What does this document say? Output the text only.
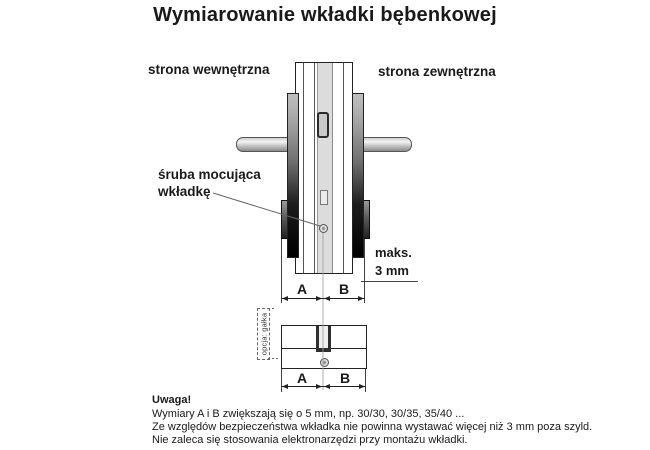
Wymiarowanie wkładki bębenkowej
strona wewnętrzna	strona zewnętrzna
śruba mocująca
wkładkę
maks.
3 mm
A	B
opcja: gałka
A	B
Uwaga!
Wymiary A i B zwiększają się o 5 mm, np. 30/30, 30/35, 35/40 ...
Ze względów bezpieczeństwa wkładka nie powinna wystawać więcej niż 3 mm poza szyld.
Nie zaleca się stosowania elektronarzędzi przy montażu wkładki.
